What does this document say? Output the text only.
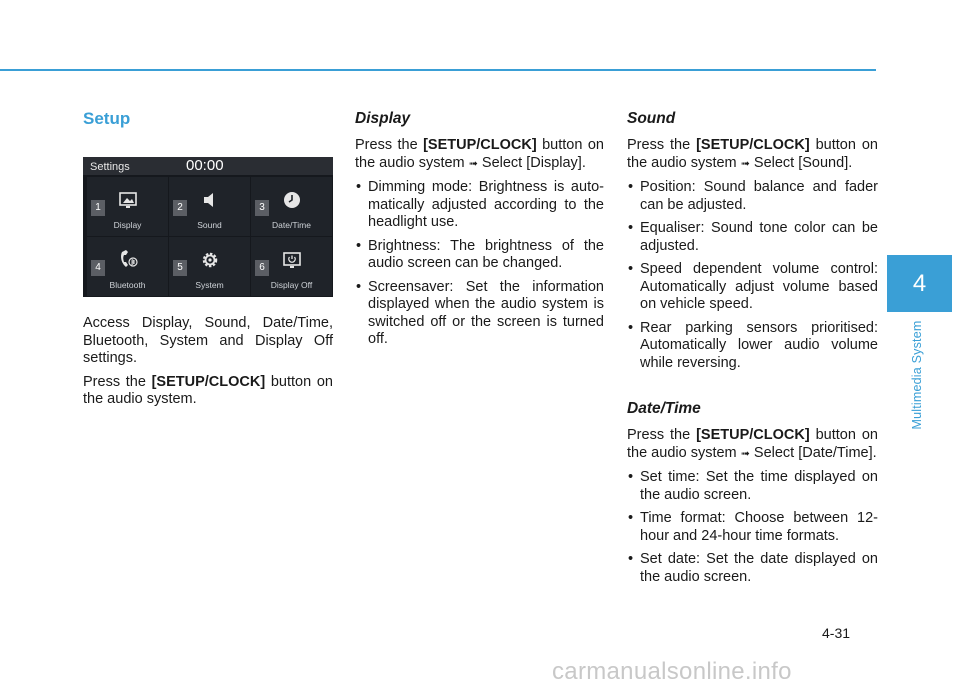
Setup
Settings	00:00
1
Display
2
Sound
3
Date/Time
4
Bluetooth
5
System
6
Display Off

Access Display, Sound, Date/Time, Bluetooth, System and Display Off settings.

Press the [SETUP/CLOCK] button on the audio system.

Display

Press the [SETUP/CLOCK] button on the audio system ➟ Select [Display].

• Dimming mode: Brightness is auto-matically adjusted according to the headlight use.
• Brightness: The brightness of the audio screen can be changed.
• Screensaver: Set the information displayed when the audio system is switched off or the screen is turned off.
Sound

Press the [SETUP/CLOCK] button on the audio system ➟ Select [Sound].

• Position: Sound balance and fader can be adjusted.
• Equaliser: Sound tone color can be adjusted.
• Speed dependent volume control: Automatically adjust volume based on vehicle speed.
• Rear parking sensors prioritised: Automatically lower audio volume while reversing.
Date/Time

Press the [SETUP/CLOCK] button on the audio system ➟ Select [Date/Time].

• Set time: Set the time displayed on the audio screen.
• Time format: Choose between 12-hour and 24-hour time formats.
• Set date: Set the date displayed on the audio screen.
4
Multimedia System
4-31
carmanualsonline.info
